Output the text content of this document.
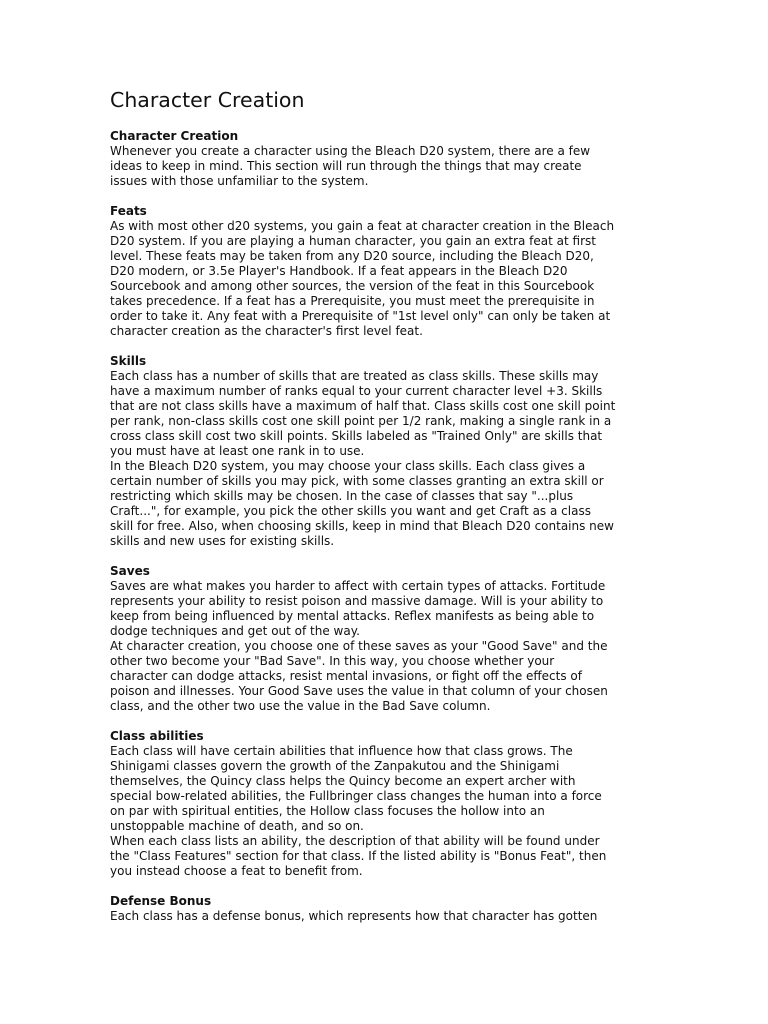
Character Creation
Character Creation
Whenever you create a character using the Bleach D20 system, there are a few
ideas to keep in mind. This section will run through the things that may create
issues with those unfamiliar to the system.
Feats
As with most other d20 systems, you gain a feat at character creation in the Bleach
D20 system. If you are playing a human character, you gain an extra feat at first
level. These feats may be taken from any D20 source, including the Bleach D20,
D20 modern, or 3.5e Player's Handbook. If a feat appears in the Bleach D20
Sourcebook and among other sources, the version of the feat in this Sourcebook
takes precedence. If a feat has a Prerequisite, you must meet the prerequisite in
order to take it. Any feat with a Prerequisite of "1st level only" can only be taken at
character creation as the character's first level feat.
Skills
Each class has a number of skills that are treated as class skills. These skills may
have a maximum number of ranks equal to your current character level +3. Skills
that are not class skills have a maximum of half that. Class skills cost one skill point
per rank, non-class skills cost one skill point per 1/2 rank, making a single rank in a
cross class skill cost two skill points. Skills labeled as "Trained Only" are skills that
you must have at least one rank in to use.
In the Bleach D20 system, you may choose your class skills. Each class gives a
certain number of skills you may pick, with some classes granting an extra skill or
restricting which skills may be chosen. In the case of classes that say "...plus
Craft...", for example, you pick the other skills you want and get Craft as a class
skill for free. Also, when choosing skills, keep in mind that Bleach D20 contains new
skills and new uses for existing skills.
Saves
Saves are what makes you harder to affect with certain types of attacks. Fortitude
represents your ability to resist poison and massive damage. Will is your ability to
keep from being influenced by mental attacks. Reflex manifests as being able to
dodge techniques and get out of the way.
At character creation, you choose one of these saves as your "Good Save" and the
other two become your "Bad Save". In this way, you choose whether your
character can dodge attacks, resist mental invasions, or fight off the effects of
poison and illnesses. Your Good Save uses the value in that column of your chosen
class, and the other two use the value in the Bad Save column.
Class abilities
Each class will have certain abilities that influence how that class grows. The
Shinigami classes govern the growth of the Zanpakutou and the Shinigami
themselves, the Quincy class helps the Quincy become an expert archer with
special bow-related abilities, the Fullbringer class changes the human into a force
on par with spiritual entities, the Hollow class focuses the hollow into an
unstoppable machine of death, and so on.
When each class lists an ability, the description of that ability will be found under
the "Class Features" section for that class. If the listed ability is "Bonus Feat", then
you instead choose a feat to benefit from.
Defense Bonus
Each class has a defense bonus, which represents how that character has gotten
